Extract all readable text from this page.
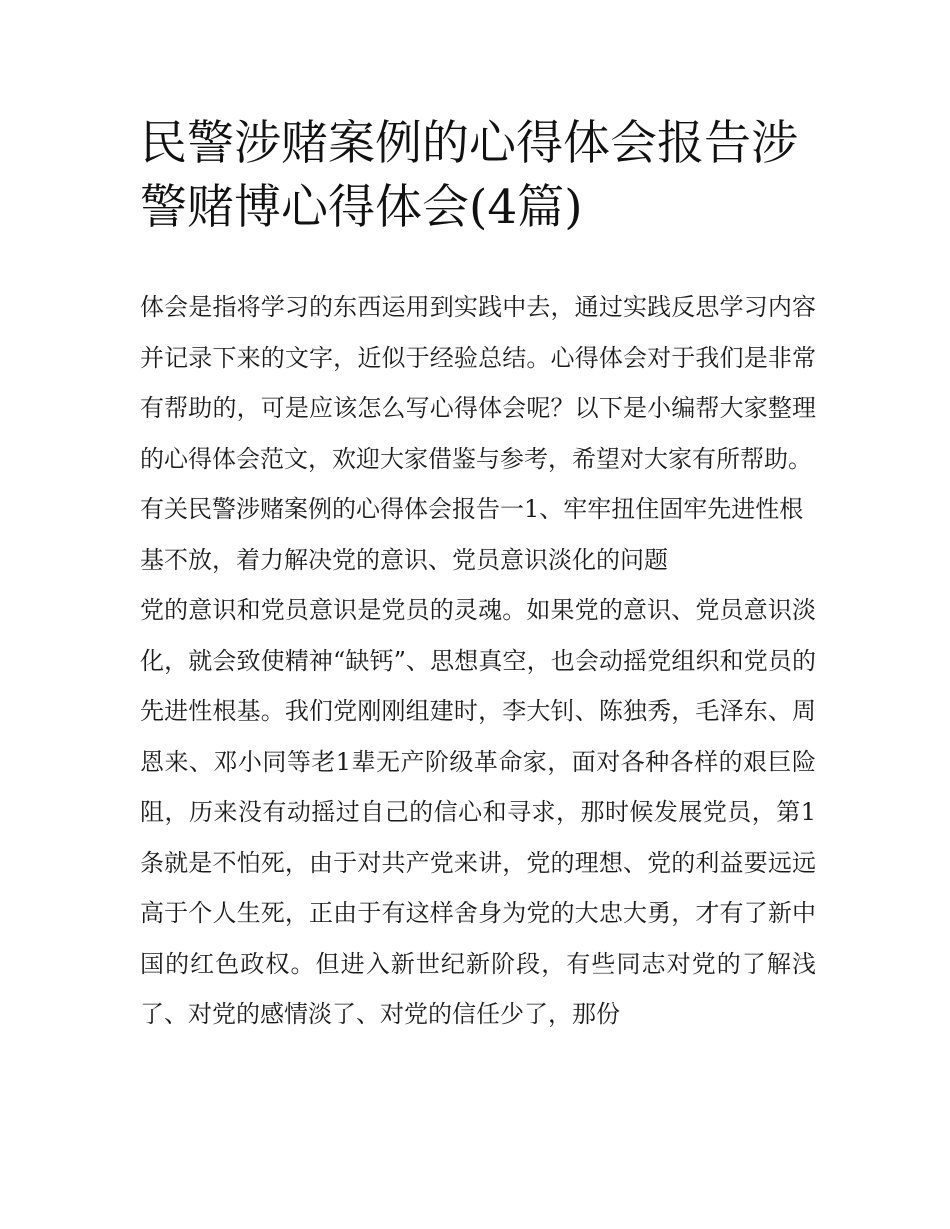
民警涉赌案例的心得体会报告涉警赌博心得体会(4篇)

体会是指将学习的东西运用到实践中去，通过实践反思学习内容并记录下来的文字，近似于经验总结。心得体会对于我们是非常有帮助的，可是应该怎么写心得体会呢？以下是小编帮大家整理的心得体会范文，欢迎大家借鉴与参考，希望对大家有所帮助。

有关民警涉赌案例的心得体会报告一1、牢牢扭住固牢先进性根基不放，着力解决党的意识、党员意识淡化的问题

党的意识和党员意识是党员的灵魂。如果党的意识、党员意识淡化，就会致使精神“缺钙”、思想真空，也会动摇党组织和党员的先进性根基。我们党刚刚组建时，李大钊、陈独秀，毛泽东、周恩来、邓小同等老1辈无产阶级革命家，面对各种各样的艰巨险阻，历来没有动摇过自己的信心和寻求，那时候发展党员，第1条就是不怕死，由于对共产党来讲，党的理想、党的利益要远远高于个人生死，正由于有这样舍身为党的大忠大勇，才有了新中国的红色政权。但进入新世纪新阶段，有些同志对党的了解浅了、对党的感情淡了、对党的信任少了，那份
